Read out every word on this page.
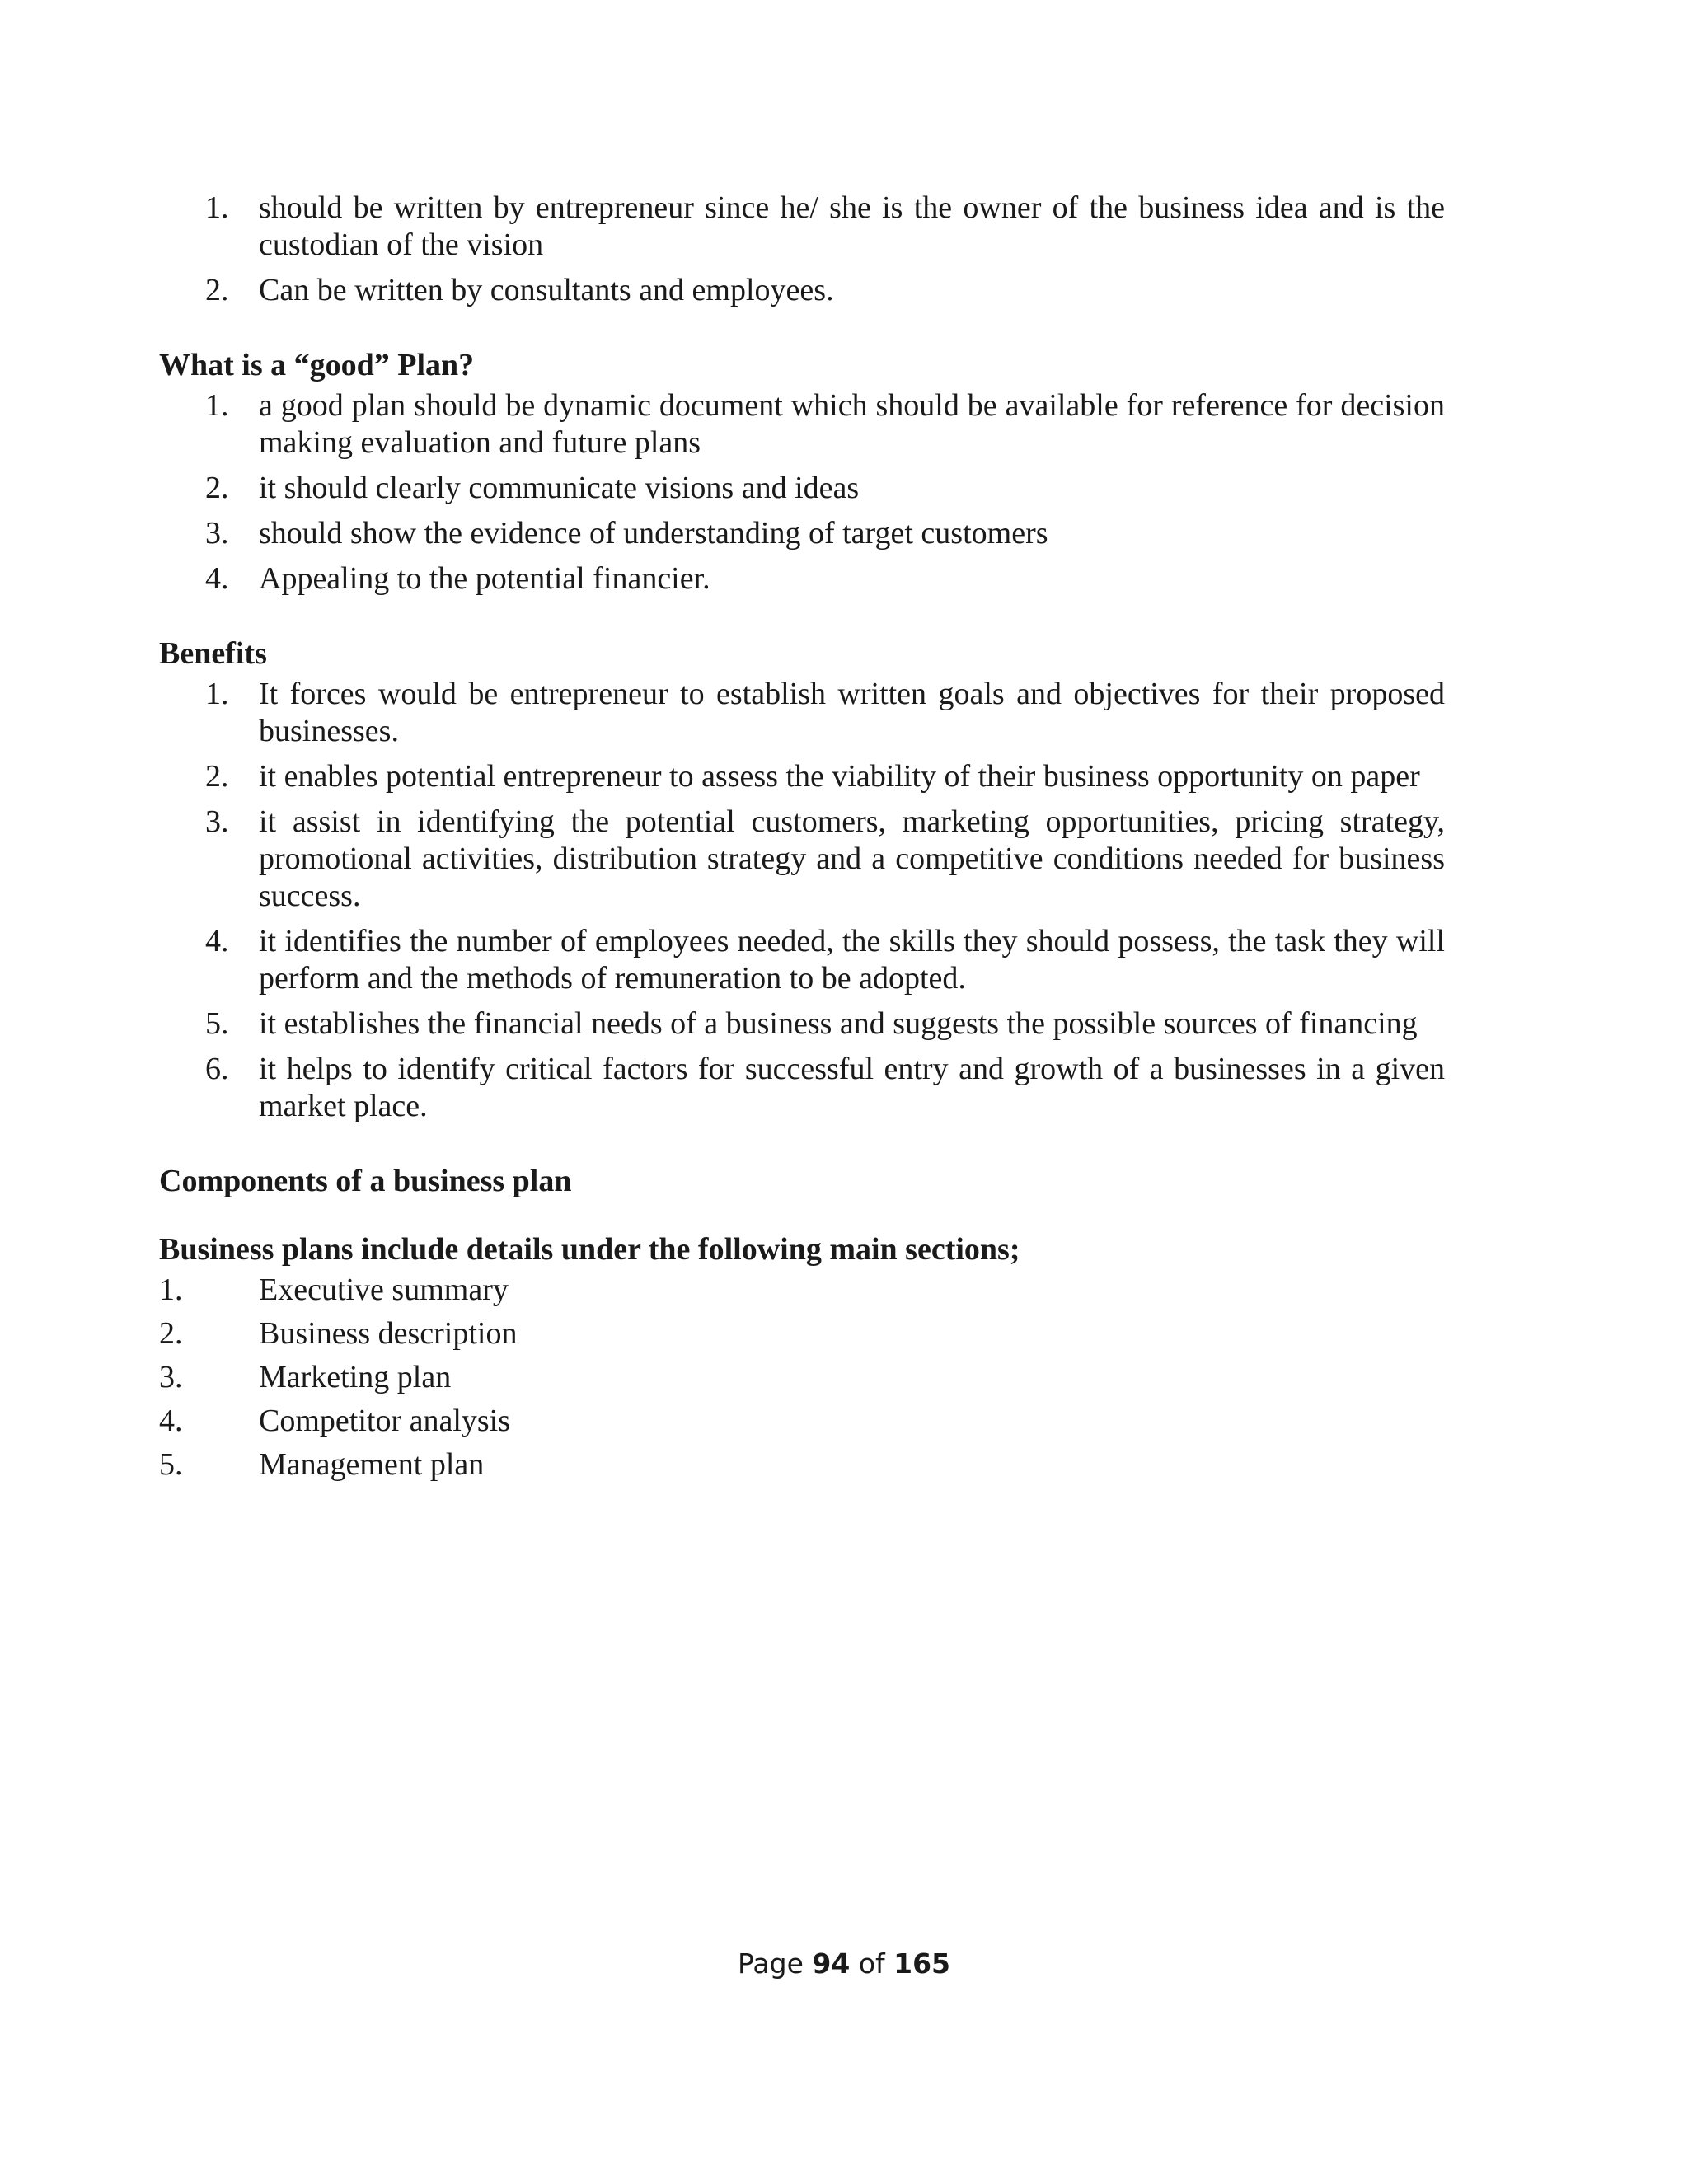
1. should be written by entrepreneur since he/ she is the owner of the business idea and is the custodian of the vision
2. Can be written by consultants and employees.

What is a “good” Plan?

1. a good plan should be dynamic document which should be available for reference for decision making evaluation and future plans
2. it should clearly communicate visions and ideas
3. should show the evidence of understanding of target customers
4. Appealing to the potential financier.

Benefits

1. It forces would be entrepreneur to establish written goals and objectives for their proposed businesses.
2. it enables potential entrepreneur to assess the viability of their business opportunity on paper
3. it assist in identifying the potential customers, marketing opportunities, pricing strategy, promotional activities, distribution strategy and a competitive conditions needed for business success.
4. it identifies the number of employees needed, the skills they should possess, the task they will perform and the methods of remuneration to be adopted.
5. it establishes the financial needs of a business and suggests the possible sources of financing
6. it helps to identify critical factors for successful entry and growth of a businesses in a given market place.

Components of a business plan

Business plans include details under the following main sections;

1.	Executive summary
2.	Business description
3.	Marketing plan
4.	Competitor analysis
5.	Management plan
Page 94 of 165
